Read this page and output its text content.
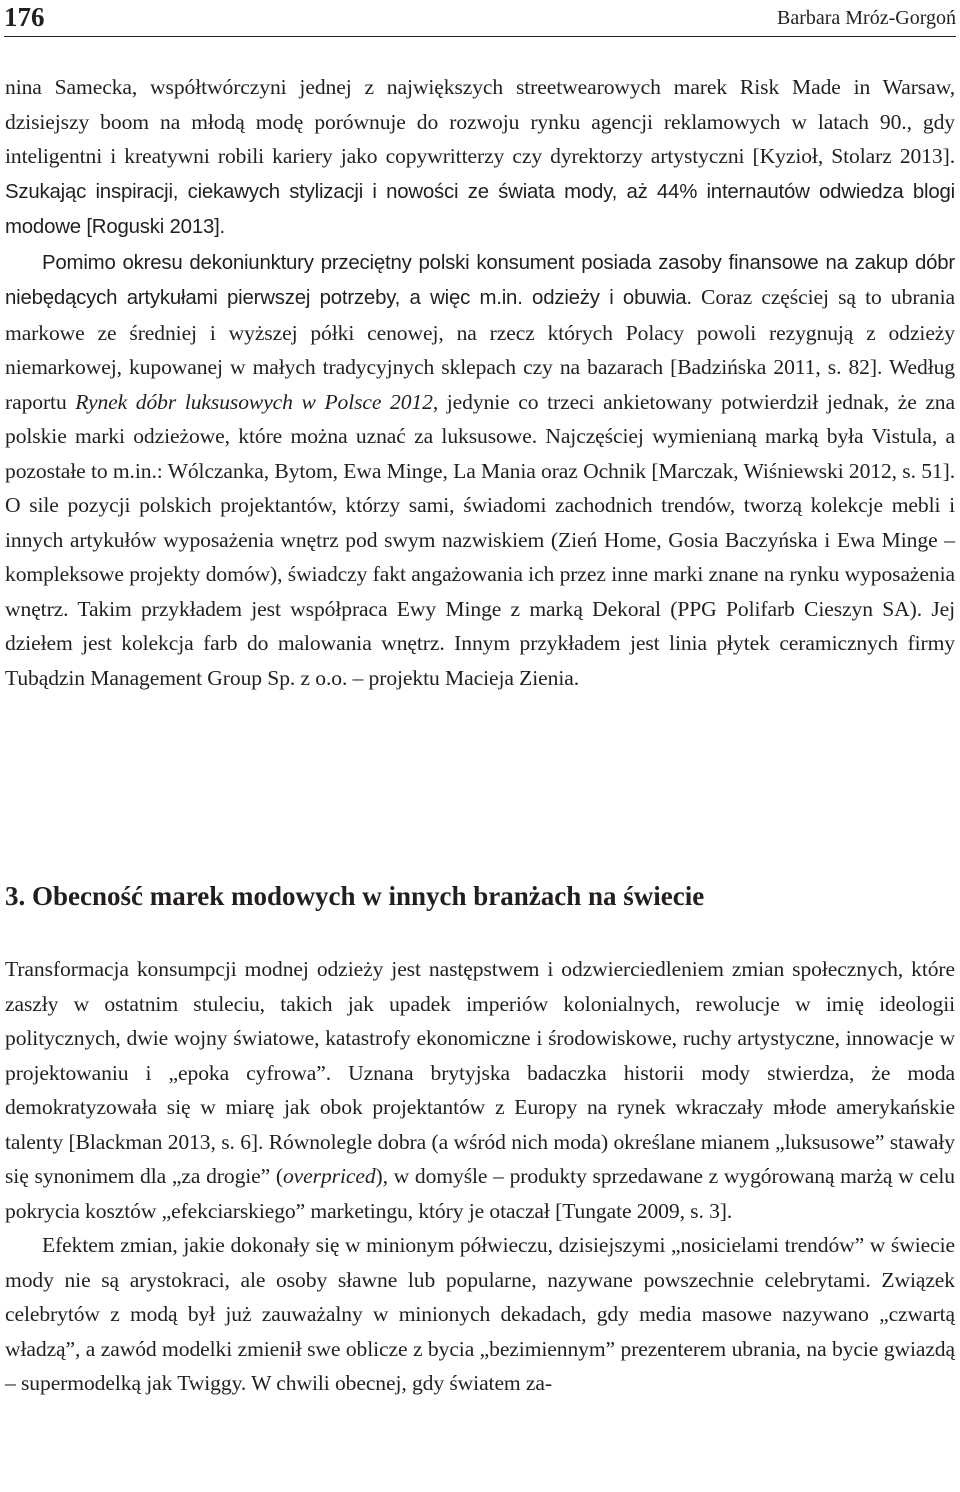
176	Barbara Mróz-Gorgoń

nina Samecka, współtwórczyni jednej z największych streetwearowych marek Risk Made in Warsaw, dzisiejszy boom na młodą modę porównuje do rozwoju rynku agencji reklamowych w latach 90., gdy inteligentni i kreatywni robili kariery jako copywritterzy czy dyrektorzy artystyczni [Kyzioł, Stolarz 2013]. Szukając inspiracji, ciekawych stylizacji i nowości ze świata mody, aż 44% internautów odwiedza blogi modowe [Roguski 2013].

Pomimo okresu dekoniunktury przeciętny polski konsument posiada zasoby finansowe na zakup dóbr niebędących artykułami pierwszej potrzeby, a więc m.in. odzieży i obuwia. Coraz częściej są to ubrania markowe ze średniej i wyższej półki cenowej, na rzecz których Polacy powoli rezygnują z odzieży niemarkowej, kupowanej w małych tradycyjnych sklepach czy na bazarach [Badzińska 2011, s. 82]. Według raportu Rynek dóbr luksusowych w Polsce 2012, jedynie co trzeci ankietowany potwierdził jednak, że zna polskie marki odzieżowe, które można uznać za luksusowe. Najczęściej wymienianą marką była Vistula, a pozostałe to m.in.: Wólczanka, Bytom, Ewa Minge, La Mania oraz Ochnik [Marczak, Wiśniewski 2012, s. 51]. O sile pozycji polskich projektantów, którzy sami, świadomi zachodnich trendów, tworzą kolekcje mebli i innych artykułów wyposażenia wnętrz pod swym nazwiskiem (Zień Home, Gosia Baczyńska i Ewa Minge – kompleksowe projekty domów), świadczy fakt angażowania ich przez inne marki znane na rynku wyposażenia wnętrz. Takim przykładem jest współpraca Ewy Minge z marką Dekoral (PPG Polifarb Cieszyn SA). Jej dziełem jest kolekcja farb do malowania wnętrz. Innym przykładem jest linia płytek ceramicznych firmy Tubądzin Management Group Sp. z o.o. – projektu Macieja Zienia.

3. Obecność marek modowych w innych branżach na świecie

Transformacja konsumpcji modnej odzieży jest następstwem i odzwierciedleniem zmian społecznych, które zaszły w ostatnim stuleciu, takich jak upadek imperiów kolonialnych, rewolucje w imię ideologii politycznych, dwie wojny światowe, katastrofy ekonomiczne i środowiskowe, ruchy artystyczne, innowacje w projektowaniu i „epoka cyfrowa”. Uznana brytyjska badaczka historii mody stwierdza, że moda demokratyzowała się w miarę jak obok projektantów z Europy na rynek wkraczały młode amerykańskie talenty [Blackman 2013, s. 6]. Równolegle dobra (a wśród nich moda) określane mianem „luksusowe” stawały się synonimem dla „za drogie” (overpriced), w domyśle – produkty sprzedawane z wygórowaną marżą w celu pokrycia kosztów „efekciarskiego” marketingu, który je otaczał [Tungate 2009, s. 3].

Efektem zmian, jakie dokonały się w minionym półwieczu, dzisiejszymi „nosicielami trendów” w świecie mody nie są arystokraci, ale osoby sławne lub popularne, nazywane powszechnie celebrytami. Związek celebrytów z modą był już zauważalny w minionych dekadach, gdy media masowe nazywano „czwartą władzą”, a zawód modelki zmienił swe oblicze z bycia „bezimiennym” prezenterem ubrania, na bycie gwiazdą – supermodelką jak Twiggy. W chwili obecnej, gdy światem za-
